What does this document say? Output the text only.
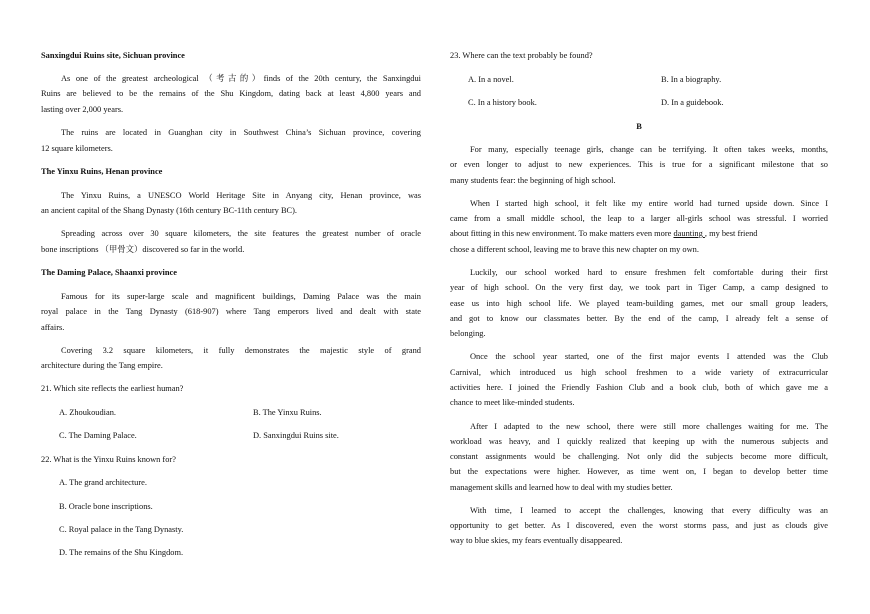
Sanxingdui Ruins site, Sichuan province
As one of the greatest archeological （考古的）finds of the 20th century, the Sanxingdui
Ruins are believed to be the remains of the Shu Kingdom, dating back at least 4,800 years and
lasting over 2,000 years.
The ruins are located in Guanghan city in Southwest China’s Sichuan province, covering
12 square kilometers.
The Yinxu Ruins, Henan province
The Yinxu Ruins, a UNESCO World Heritage Site in Anyang city, Henan province, was
an ancient capital of the Shang Dynasty (16th century BC-11th century BC).
Spreading across over 30 square kilometers, the site features the greatest number of oracle
bone inscriptions （甲骨文）discovered so far in the world.
The Daming Palace, Shaanxi province
Famous for its super-large scale and magnificent buildings, Daming Palace was the main
royal palace in the Tang Dynasty (618-907) where Tang emperors lived and dealt with state
affairs.
Covering 3.2 square kilometers, it fully demonstrates the majestic style of grand
architecture during the Tang empire.
21. Which site reflects the earliest human?
A. Zhoukoudian.	B. The Yinxu Ruins.
C. The Daming Palace.	D. Sanxingdui Ruins site.
22. What is the Yinxu Ruins known for?
A. The grand architecture.
B. Oracle bone inscriptions.
C. Royal palace in the Tang Dynasty.
D. The remains of the Shu Kingdom.
23. Where can the text probably be found?
A. In a novel.	B. In a biography.
C. In a history book.	D. In a guidebook.
B
For many, especially teenage girls, change can be terrifying. It often takes weeks, months,
or even longer to adjust to new experiences. This is true for a significant milestone that so
many students fear: the beginning of high school.
When I started high school, it felt like my entire world had turned upside down. Since I
came from a small middle school, the leap to a larger all-girls school was stressful. I worried
about fitting in this new environment. To make matters even more daunting , my best friend
chose a different school, leaving me to brave this new chapter on my own.
Luckily, our school worked hard to ensure freshmen felt comfortable during their first
year of high school. On the very first day, we took part in Tiger Camp, a camp designed to
ease us into high school life. We played team-building games, met our small group leaders,
and got to know our classmates better. By the end of the camp, I already felt a sense of
belonging.
Once the school year started, one of the first major events I attended was the Club
Carnival, which introduced us high school freshmen to a wide variety of extracurricular
activities here. I joined the Friendly Fashion Club and a book club, both of which gave me a
chance to meet like-minded students.
After I adapted to the new school, there were still more challenges waiting for me. The
workload was heavy, and I quickly realized that keeping up with the numerous subjects and
constant assignments would be challenging. Not only did the subjects become more difficult,
but the expectations were higher. However, as time went on, I began to develop better time
management skills and learned how to deal with my studies better.
With time, I learned to accept the challenges, knowing that every difficulty was an
opportunity to get better. As I discovered, even the worst storms pass, and just as clouds give
way to blue skies, my fears eventually disappeared.
